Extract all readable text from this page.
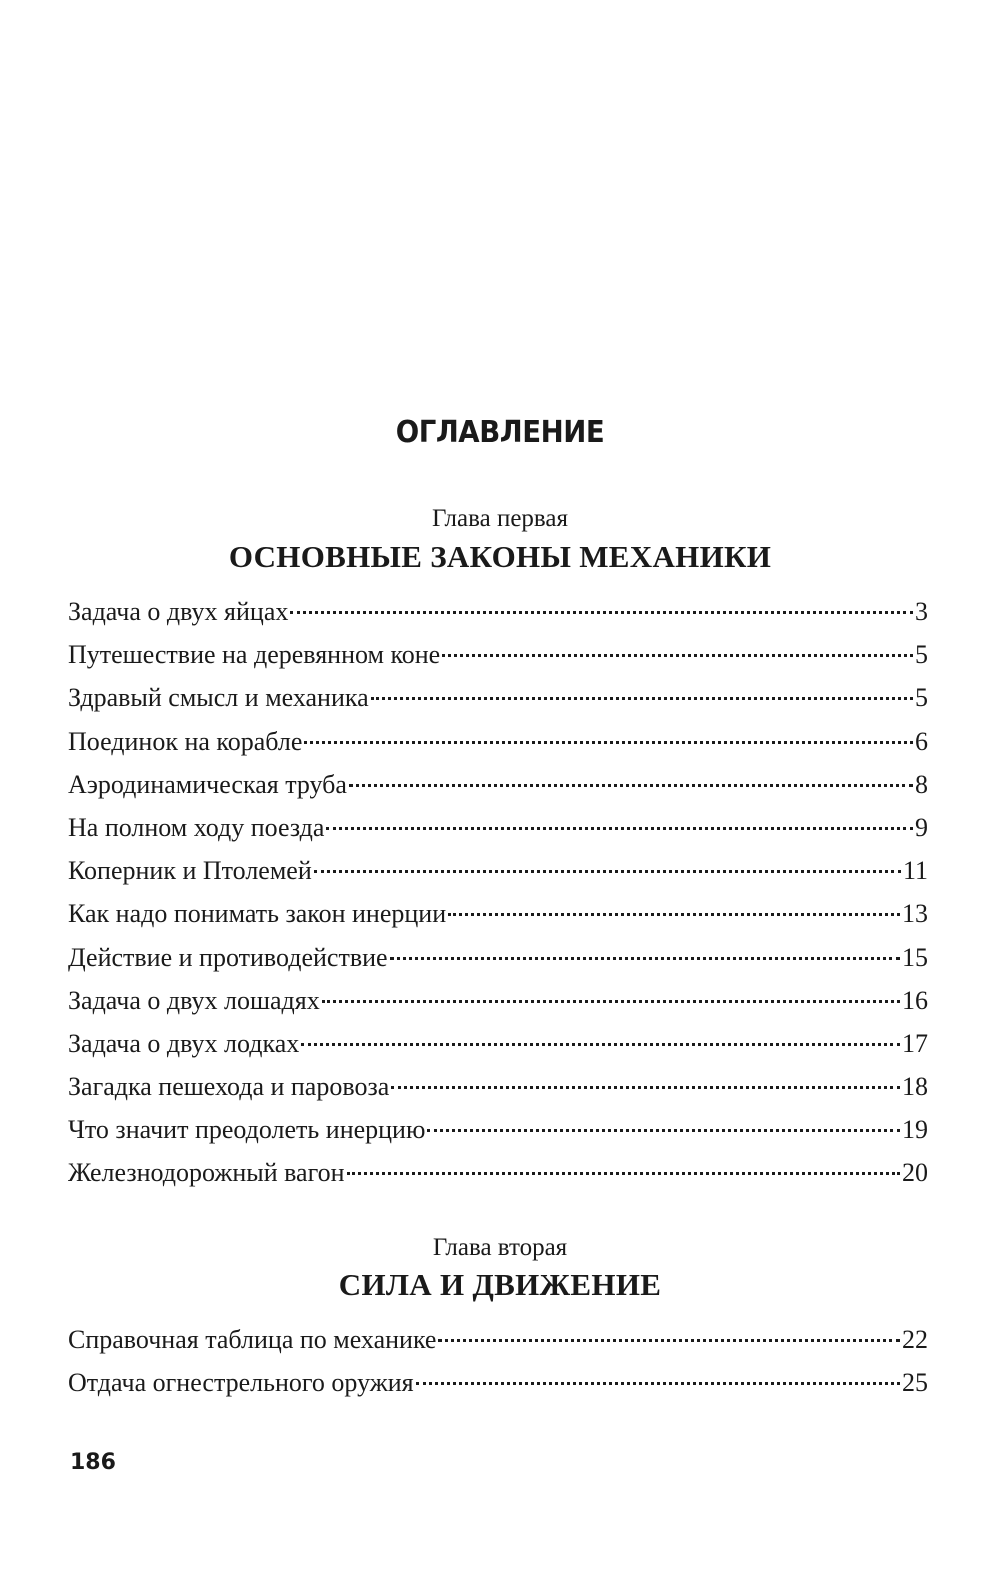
ОГЛАВЛЕНИЕ
Глава первая
ОСНОВНЫЕ ЗАКОНЫ МЕХАНИКИ
Задача о двух яйцах	3
Путешествие на деревянном коне	5
Здравый смысл и механика	5
Поединок на корабле	6
Аэродинамическая труба	8
На полном ходу поезда	9
Коперник и Птолемей	11
Как надо понимать закон инерции	13
Действие и противодействие	15
Задача о двух лошадях	16
Задача о двух лодках	17
Загадка пешехода и паровоза	18
Что значит преодолеть инерцию	19
Железнодорожный вагон	20
Глава вторая
СИЛА И ДВИЖЕНИЕ
Справочная таблица по механике	22
Отдача огнестрельного оружия	25
186
